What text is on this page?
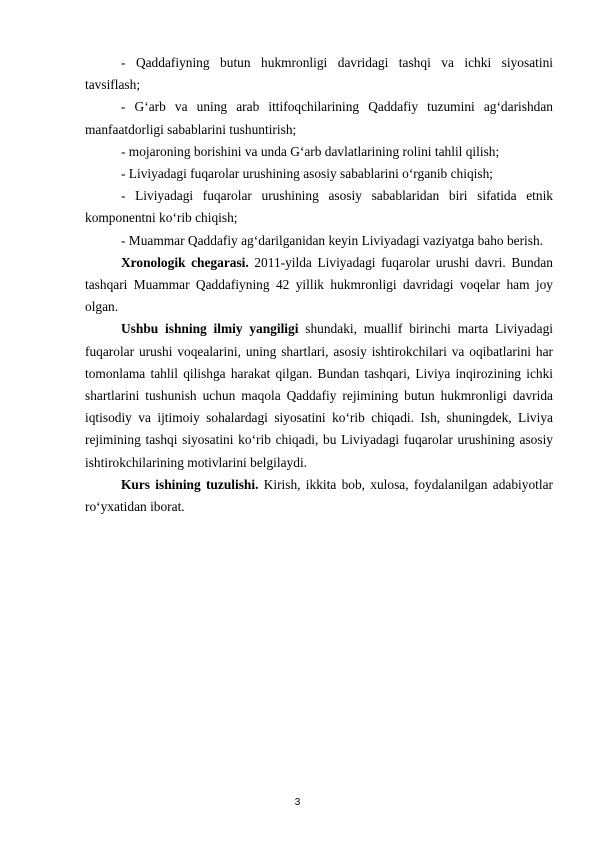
- Qaddafiyning butun hukmronligi davridagi tashqi va ichki siyosatini tavsiflash;

- G‘arb va uning arab ittifoqchilarining Qaddafiy tuzumini ag‘darishdan manfaatdorligi sabablarini tushuntirish;

- mojaroning borishini va unda G‘arb davlatlarining rolini tahlil qilish;

- Liviyadagi fuqarolar urushining asosiy sabablarini o‘rganib chiqish;

- Liviyadagi fuqarolar urushining asosiy sabablaridan biri sifatida etnik komponentni ko‘rib chiqish;

- Muammar Qaddafiy ag‘darilganidan keyin Liviyadagi vaziyatga baho berish.

Xronologik chegarasi. 2011-yilda Liviyadagi fuqarolar urushi davri. Bundan tashqari Muammar Qaddafiyning 42 yillik hukmronligi davridagi voqelar ham joy olgan.

Ushbu ishning ilmiy yangiligi shundaki, muallif birinchi marta Liviyadagi fuqarolar urushi voqealarini, uning shartlari, asosiy ishtirokchilari va oqibatlarini har tomonlama tahlil qilishga harakat qilgan. Bundan tashqari, Liviya inqirozining ichki shartlarini tushunish uchun maqola Qaddafiy rejimining butun hukmronligi davrida iqtisodiy va ijtimoiy sohalardagi siyosatini ko‘rib chiqadi. Ish, shuningdek, Liviya rejimining tashqi siyosatini ko‘rib chiqadi, bu Liviyadagi fuqarolar urushining asosiy ishtirokchilarining motivlarini belgilaydi.

Kurs ishining tuzulishi. Kirish, ikkita bob, xulosa, foydalanilgan adabiyotlar ro‘yxatidan iborat.

3
